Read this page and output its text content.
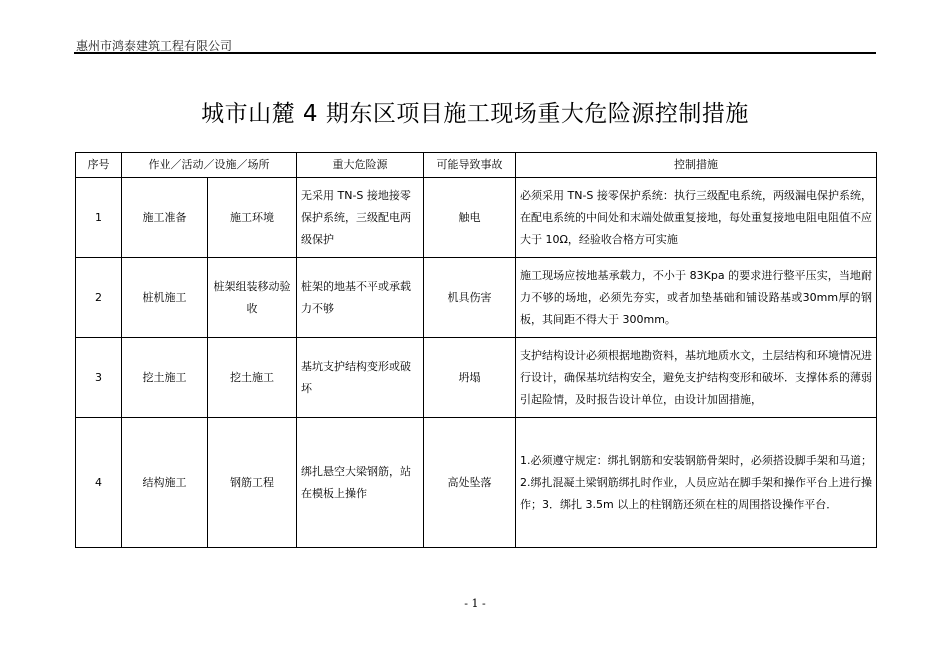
惠州市鸿泰建筑工程有限公司
城市山麓 4 期东区项目施工现场重大危险源控制措施
序号	作业／活动／设施／场所		重大危险源	可能导致事故	控制措施
1	施工准备	施工环境	无采用 TN-S 接地接零保护系统，三级配电两级保护	触电	必须采用 TN-S 接零保护系统：执行三级配电系统，两级漏电保护系统，在配电系统的中间处和末端处做重复接地，每处重复接地电阻电阻值不应大于 10Ω，经验收合格方可实施
2	桩机施工	桩架组装移动验收	桩架的地基不平或承载力不够	机具伤害	施工现场应按地基承载力，不小于 83Kpa 的要求进行整平压实，当地耐力不够的场地，必须先夯实，或者加垫基础和铺设路基或30mm厚的钢板，其间距不得大于 300mm。
3	挖土施工	挖土施工	基坑支护结构变形或破坏	坍塌	支护结构设计必须根据地勘资料，基坑地质水文，土层结构和环境情况进行设计，确保基坑结构安全，避免支护结构变形和破坏．支撑体系的薄弱引起险情，及时报告设计单位，由设计加固措施，
4	结构施工	钢筋工程	绑扎悬空大梁钢筋，站在模板上操作	高处坠落	1.必须遵守规定：绑扎钢筋和安装钢筋骨架时，必须搭设脚手架和马道；2.绑扎混凝土梁钢筋绑扎时作业，人员应站在脚手架和操作平台上进行操作；3．绑扎 3.5m 以上的柱钢筋还须在柱的周围搭设操作平台．
- 1 -
